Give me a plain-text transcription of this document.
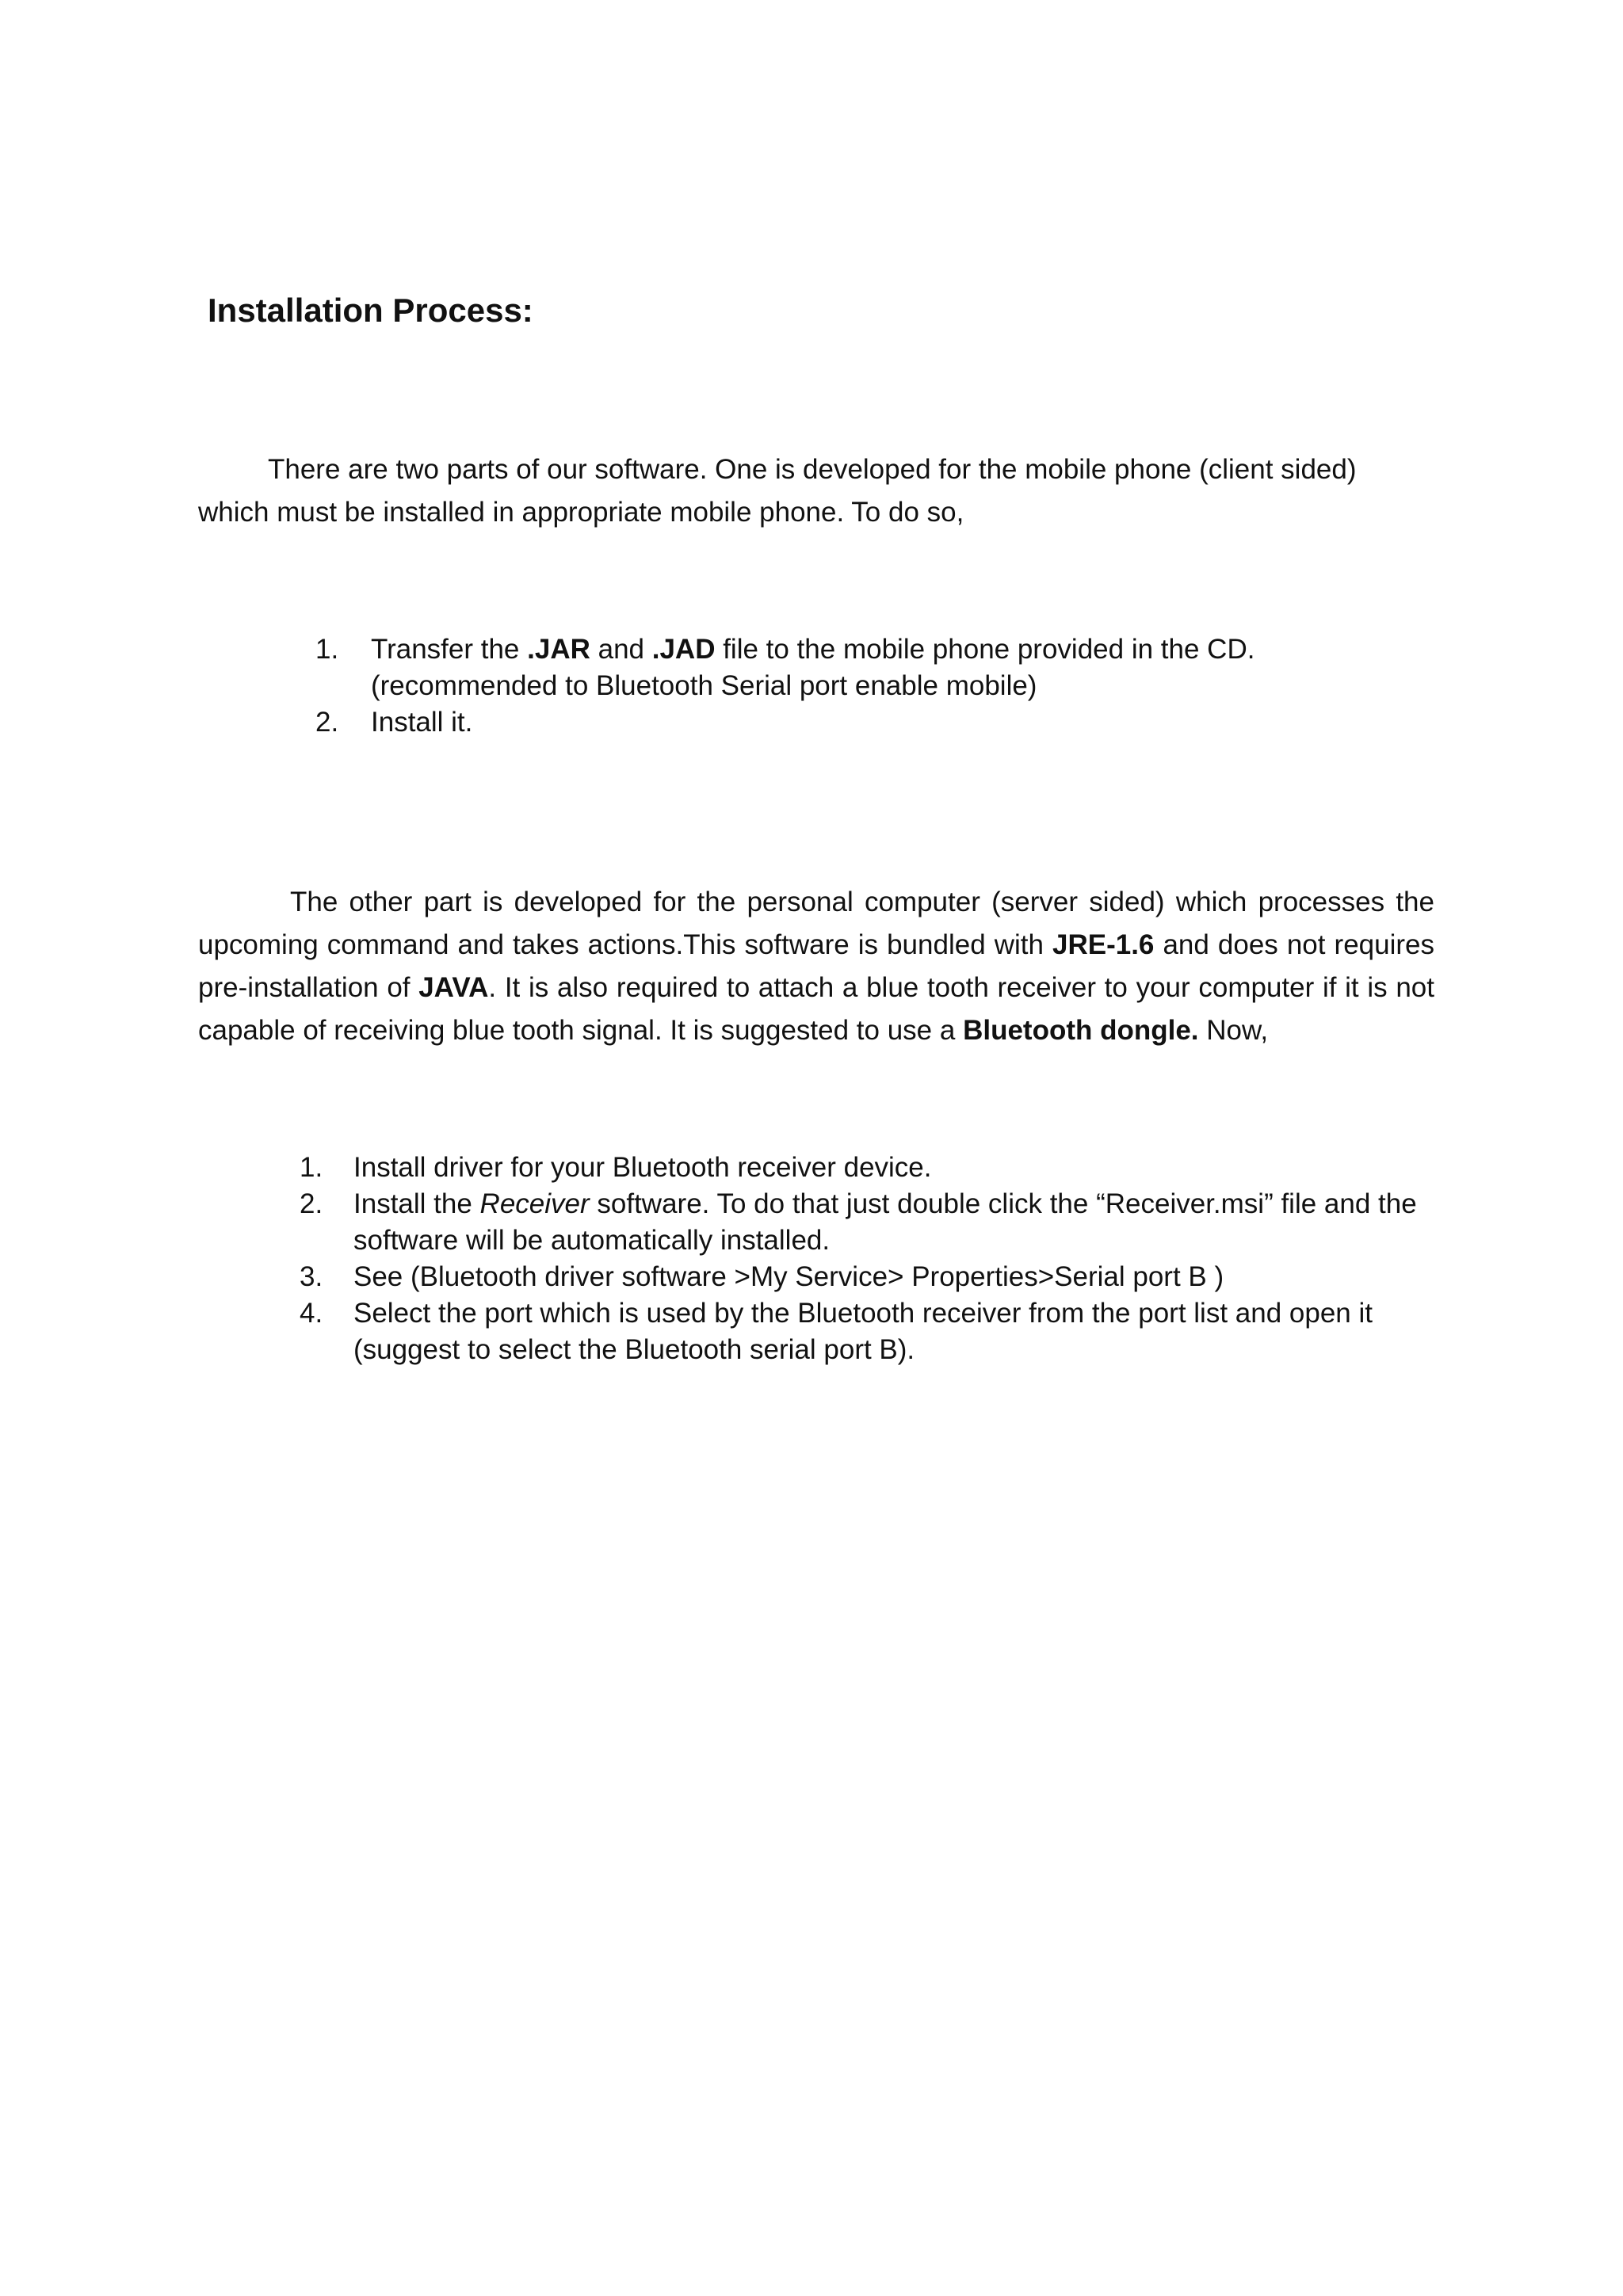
Installation Process:

There are two parts of our software. One is developed for the mobile phone (client sided) which must be installed in appropriate mobile phone. To do so,

1. Transfer the .JAR and .JAD file to the mobile phone provided in the CD.(recommended to Bluetooth Serial port enable mobile)
2. Install it.

The other part is developed for the personal computer (server sided) which processes the upcoming command and takes actions.This software is bundled with JRE-1.6 and does not requires pre-installation of JAVA. It is also required to attach a blue tooth receiver to your computer if it is not capable of receiving blue tooth signal. It is suggested to use a Bluetooth dongle. Now,

1. Install driver for your Bluetooth receiver device.
2. Install the Receiver software. To do that just double click the “Receiver.msi” file and the software will be automatically installed.
3. See (Bluetooth driver software >My Service> Properties>Serial port B )
4. Select the port which is used by the Bluetooth receiver from the port list and open it (suggest to select the Bluetooth serial port B).
